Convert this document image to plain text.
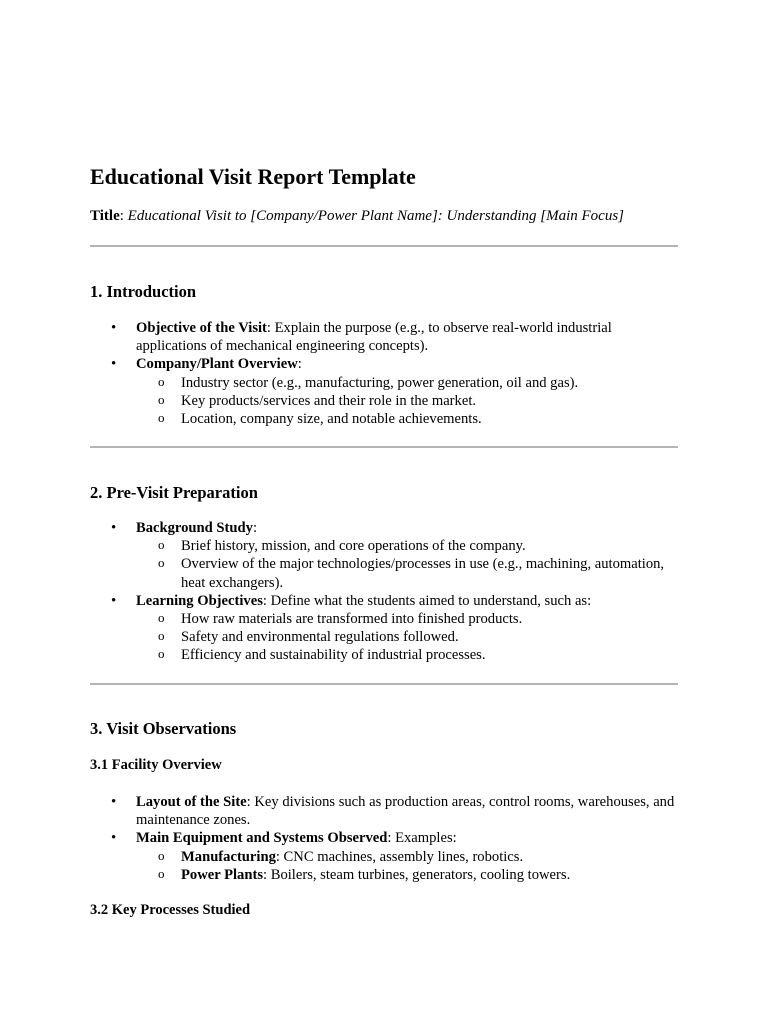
Educational Visit Report Template

Title: Educational Visit to [Company/Power Plant Name]: Understanding [Main Focus]

1. Introduction
• Objective of the Visit: Explain the purpose (e.g., to observe real-world industrial applications of mechanical engineering concepts).
• Company/Plant Overview:
o Industry sector (e.g., manufacturing, power generation, oil and gas).
o Key products/services and their role in the market.
o Location, company size, and notable achievements.
2. Pre-Visit Preparation
• Background Study:
o Brief history, mission, and core operations of the company.
o Overview of the major technologies/processes in use (e.g., machining, automation, heat exchangers).
• Learning Objectives: Define what the students aimed to understand, such as:
o How raw materials are transformed into finished products.
o Safety and environmental regulations followed.
o Efficiency and sustainability of industrial processes.
3. Visit Observations
3.1 Facility Overview
• Layout of the Site: Key divisions such as production areas, control rooms, warehouses, and maintenance zones.
• Main Equipment and Systems Observed: Examples:
o Manufacturing: CNC machines, assembly lines, robotics.
o Power Plants: Boilers, steam turbines, generators, cooling towers.
3.2 Key Processes Studied
